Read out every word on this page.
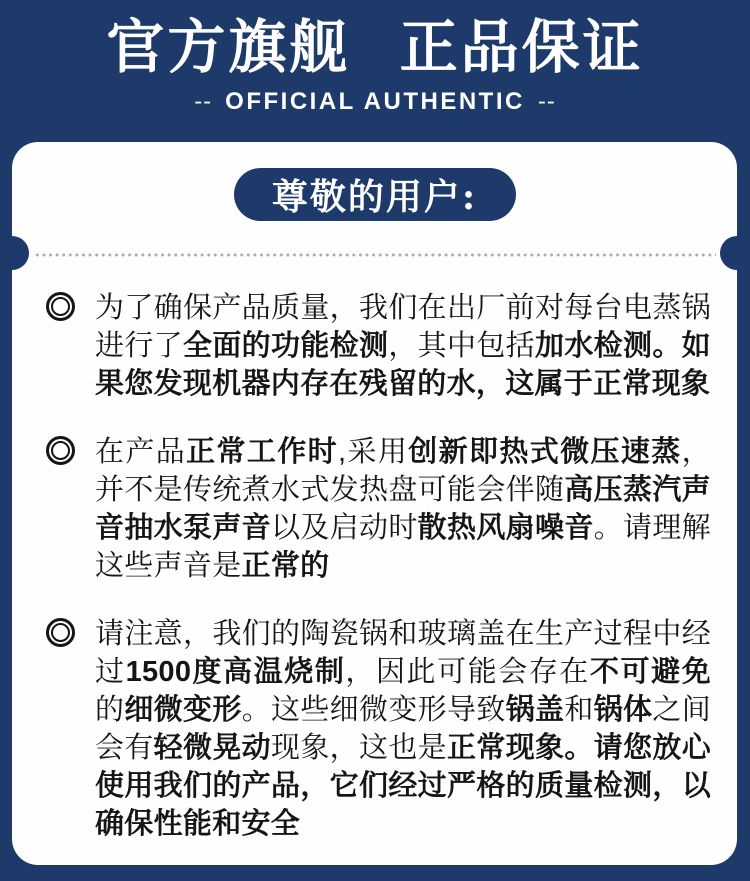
官方旗舰 正品保证
-- OFFICIAL AUTHENTIC --
尊敬的用户:
为了确保产品质量，我们在出厂前对每台电蒸锅进行了全面的功能检测，其中包括加水检测。如果您发现机器内存在残留的水，这属于正常现象
在产品正常工作时,采用创新即热式微压速蒸，并不是传统煮水式发热盘可能会伴随高压蒸汽声音抽水泵声音以及启动时散热风扇噪音。请理解这些声音是正常的
请注意，我们的陶瓷锅和玻璃盖在生产过程中经过1500度高温烧制，因此可能会存在不可避免的细微变形。这些细微变形导致锅盖和锅体之间会有轻微晃动现象，这也是正常现象。请您放心使用我们的产品，它们经过严格的质量检测，以确保性能和安全
